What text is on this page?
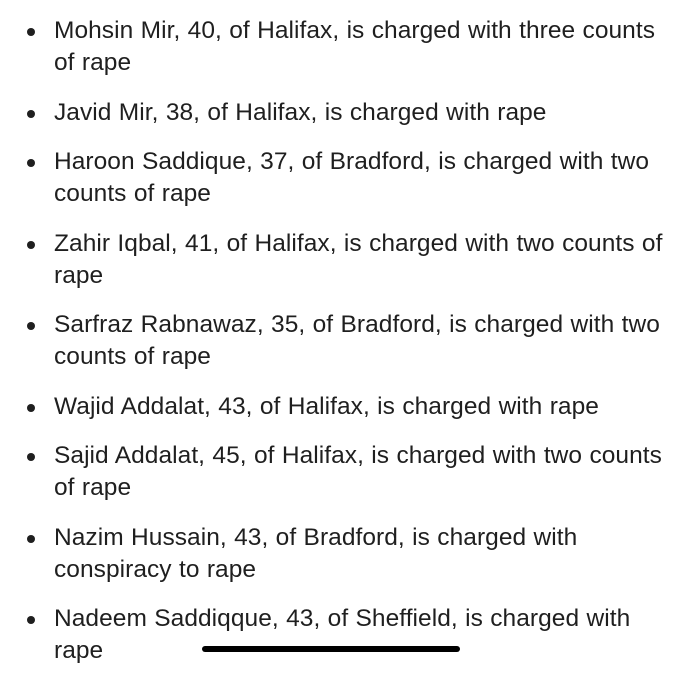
Mohsin Mir, 40, of Halifax, is charged with three counts of rape
Javid Mir, 38, of Halifax, is charged with rape
Haroon Saddique, 37, of Bradford, is charged with two counts of rape
Zahir Iqbal, 41, of Halifax, is charged with two counts of rape
Sarfraz Rabnawaz, 35, of Bradford, is charged with two counts of rape
Wajid Addalat, 43, of Halifax, is charged with rape
Sajid Addalat, 45, of Halifax, is charged with two counts of rape
Nazim Hussain, 43, of Bradford, is charged with conspiracy to rape
Nadeem Saddiqque, 43, of Sheffield, is charged with rape
